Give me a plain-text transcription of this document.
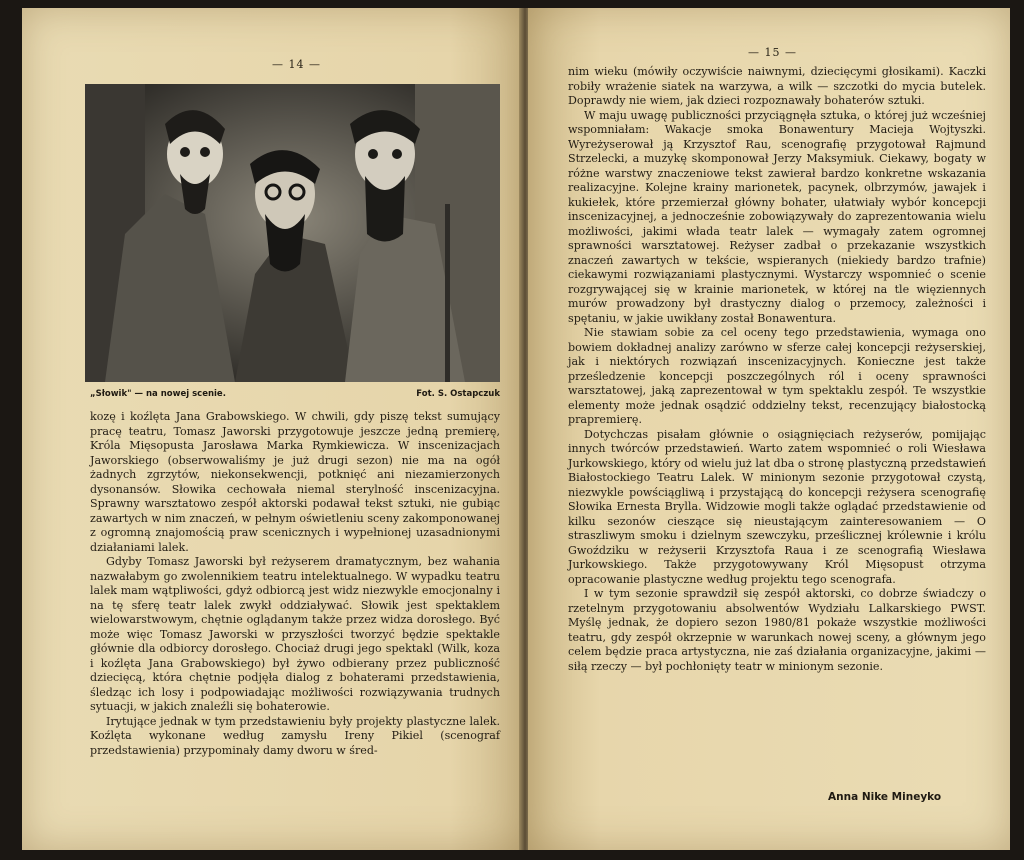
— 14 —
„Słowik" — na nowej scenie.	Fot. S. Ostapczuk

kozę i koźlęta Jana Grabowskiego. W chwili, gdy piszę tekst sumujący pracę teatru, Tomasz Jaworski przygotowuje jeszcze jedną premierę, Króla Mięsopusta Jarosława Marka Rymkiewicza. W inscenizacjach Jaworskiego (obserwowaliśmy je już drugi sezon) nie ma na ogół żadnych zgrzytów, niekonsekwencji, potknięć ani niezamierzonych dysonansów. Słowika cechowała niemal sterylność inscenizacyjna. Sprawny warsztatowo zespół aktorski podawał tekst sztuki, nie gubiąc zawartych w nim znaczeń, w pełnym oświetleniu sceny zakomponowanej z ogromną znajomością praw scenicznych i wypełnionej uzasadnionymi działaniami lalek.

Gdyby Tomasz Jaworski był reżyserem dramatycznym, bez wahania nazwałabym go zwolennikiem teatru intelektualnego. W wypadku teatru lalek mam wątpliwości, gdyż odbiorcą jest widz niezwykle emocjonalny i na tę sferę teatr lalek zwykł oddziaływać. Słowik jest spektaklem wielowarstwowym, chętnie oglądanym także przez widza dorosłego. Być może więc Tomasz Jaworski w przyszłości tworzyć będzie spektakle głównie dla odbiorcy dorosłego. Chociaż drugi jego spektakl (Wilk, koza i koźlęta Jana Grabowskiego) był żywo odbierany przez publiczność dziecięcą, która chętnie podjęła dialog z bohaterami przedstawienia, śledząc ich losy i podpowiadając możliwości rozwiązywania trudnych sytuacji, w jakich znaleźli się bohaterowie.

Irytujące jednak w tym przedstawieniu były projekty plastyczne lalek. Koźlęta wykonane według zamysłu Ireny Pikiel (scenograf przedstawienia) przypominały damy dworu w śred-

— 15 —

nim wieku (mówiły oczywiście naiwnymi, dziecięcymi głosikami). Kaczki robiły wrażenie siatek na warzywa, a wilk — szczotki do mycia butelek. Doprawdy nie wiem, jak dzieci rozpoznawały bohaterów sztuki.

W maju uwagę publiczności przyciągnęła sztuka, o której już wcześniej wspomniałam: Wakacje smoka Bonawentury Macieja Wojtyszki. Wyreżyserował ją Krzysztof Rau, scenografię przygotował Rajmund Strzelecki, a muzykę skomponował Jerzy Maksymiuk. Ciekawy, bogaty w różne warstwy znaczeniowe tekst zawierał bardzo konkretne wskazania realizacyjne. Kolejne krainy marionetek, pacynek, olbrzymów, jawajek i kukiełek, które przemierzał główny bohater, ułatwiały wybór koncepcji inscenizacyjnej, a jednocześnie zobowiązywały do zaprezentowania wielu możliwości, jakimi włada teatr lalek — wymagały zatem ogromnej sprawności warsztatowej. Reżyser zadbał o przekazanie wszystkich znaczeń zawartych w tekście, wspieranych (niekiedy bardzo trafnie) ciekawymi rozwiązaniami plastycznymi. Wystarczy wspomnieć o scenie rozgrywającej się w krainie marionetek, w której na tle więziennych murów prowadzony był drastyczny dialog o przemocy, zależności i spętaniu, w jakie uwikłany został Bonawentura.

Nie stawiam sobie za cel oceny tego przedstawienia, wymaga ono bowiem dokładnej analizy zarówno w sferze całej koncepcji reżyserskiej, jak i niektórych rozwiązań inscenizacyjnych. Konieczne jest także prześledzenie koncepcji poszczególnych ról i oceny sprawności warsztatowej, jaką zaprezentował w tym spektaklu zespół. Te wszystkie elementy może jednak osądzić oddzielny tekst, recenzujący białostocką prapremierę.

Dotychczas pisałam głównie o osiągnięciach reżyserów, pomijając innych twórców przedstawień. Warto zatem wspomnieć o roli Wiesława Jurkowskiego, który od wielu już lat dba o stronę plastyczną przedstawień Białostockiego Teatru Lalek. W minionym sezonie przygotował czystą, niezwykle powściągliwą i przystającą do koncepcji reżysera scenografię Słowika Ernesta Brylla. Widzowie mogli także oglądać przedstawienie od kilku sezonów cieszące się nieustającym zainteresowaniem — O straszliwym smoku i dzielnym szewczyku, prześlicznej królewnie i królu Gwoździku w reżyserii Krzysztofa Raua i ze scenografią Wiesława Jurkowskiego. Także przygotowywany Król Mięsopust otrzyma opracowanie plastyczne według projektu tego scenografa.

I w tym sezonie sprawdził się zespół aktorski, co dobrze świadczy o rzetelnym przygotowaniu absolwentów Wydziału Lalkarskiego PWST. Myślę jednak, że dopiero sezon 1980/81 pokaże wszystkie możliwości teatru, gdy zespół okrzepnie w warunkach nowej sceny, a głównym jego celem będzie praca artystyczna, nie zaś działania organizacyjne, jakimi — siłą rzeczy — był pochłonięty teatr w minionym sezonie.

Anna Nike Mineyko
